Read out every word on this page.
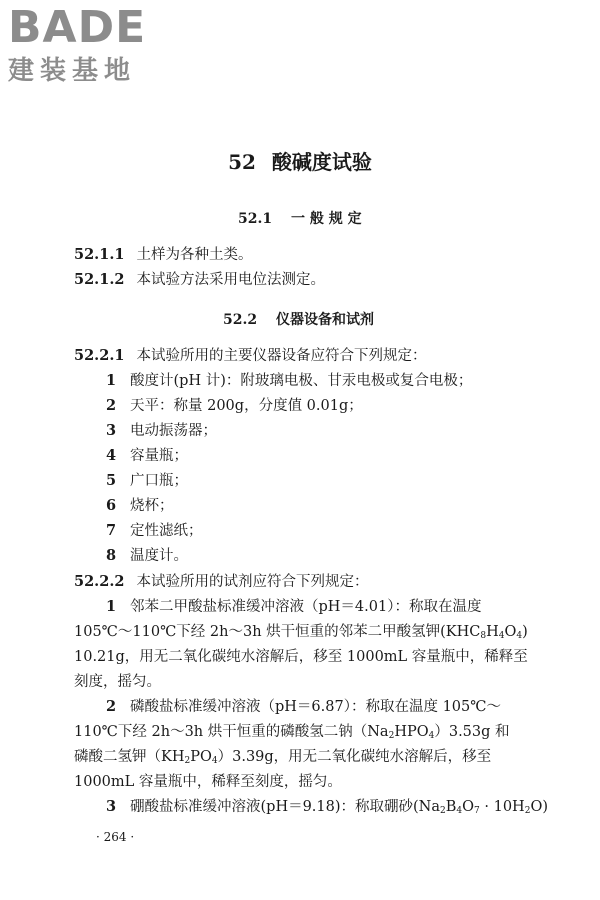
BADE
建装基地
52 酸碱度试验
52.1 一 般 规 定
52.1.1 土样为各种土类。
52.1.2 本试验方法采用电位法测定。
52.2 仪器设备和试剂
52.2.1 本试验所用的主要仪器设备应符合下列规定：
1 酸度计(pH 计)：附玻璃电极、甘汞电极或复合电极；
2 天平：称量 200g，分度值 0.01g；
3 电动振荡器；
4 容量瓶；
5 广口瓶；
6 烧杯；
7 定性滤纸；
8 温度计。
52.2.2 本试验所用的试剂应符合下列规定：
1 邻苯二甲酸盐标准缓冲溶液（pH＝4.01）：称取在温度
105℃～110℃下经 2h～3h 烘干恒重的邻苯二甲酸氢钾$(KHC_8H_4O_4)$
10.21g，用无二氧化碳纯水溶解后，移至 1000mL 容量瓶中，稀释至
刻度，摇匀。
2 磷酸盐标准缓冲溶液（pH＝6.87）：称取在温度 105℃～
110℃下经 2h～3h 烘干恒重的磷酸氢二钠$(Na_2HPO_4)3.53g$ 和
磷酸二氢钾$(KH_2PO_4)3.39g$，用无二氧化碳纯水溶解后，移至
1000mL 容量瓶中，稀释至刻度，摇匀。
3 硼酸盐标准缓冲溶液(pH＝9.18)：称取硼砂$(Na_2B_4O_7 \cdot 10H_2O)$
· 264 ·
